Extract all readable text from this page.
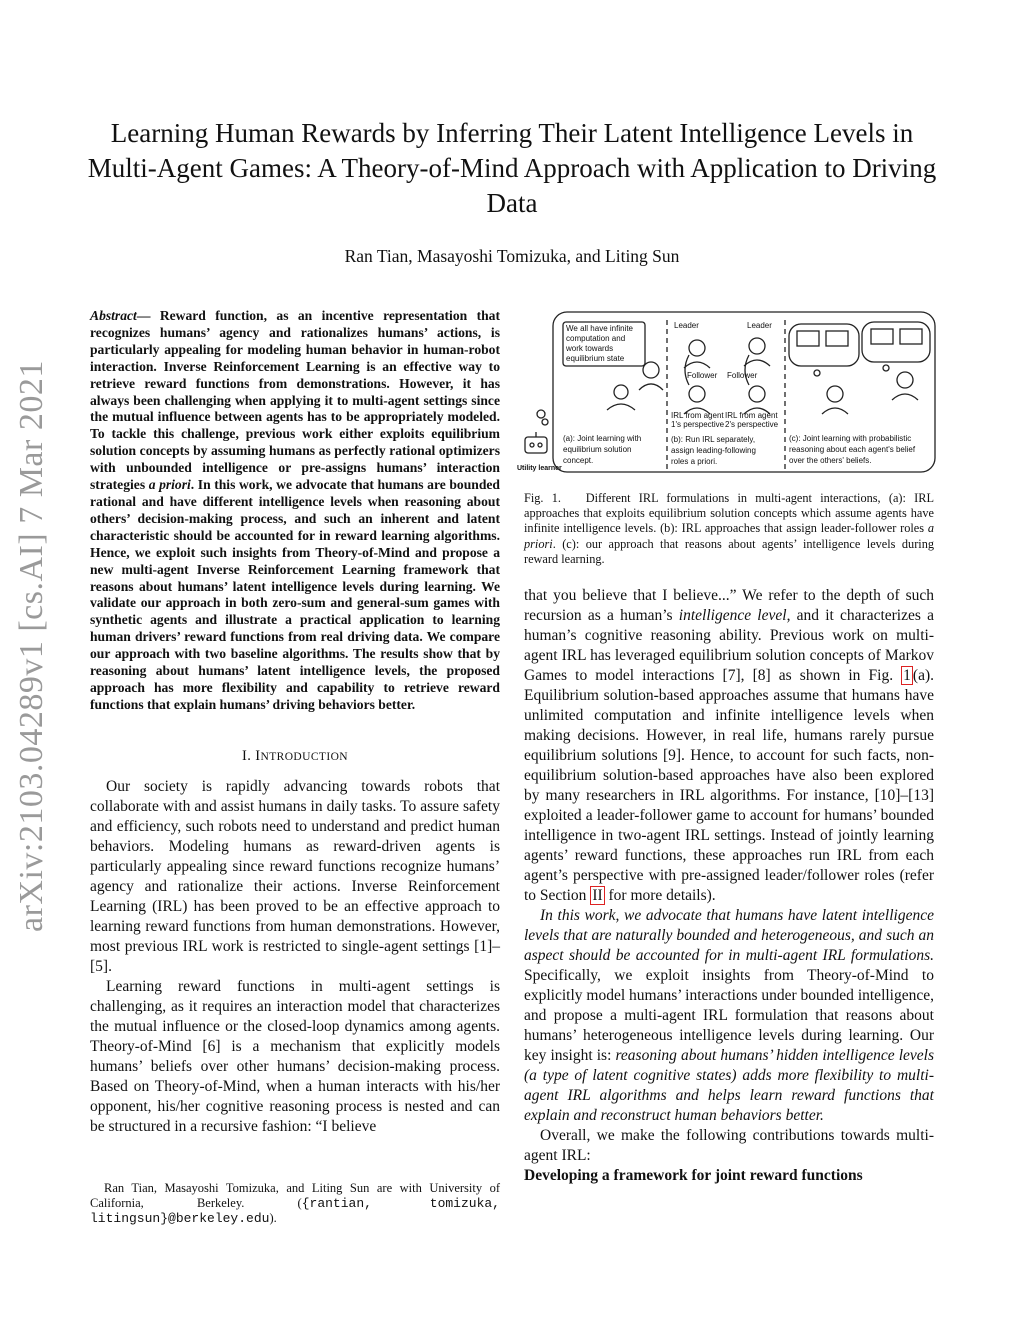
arXiv:2103.04289v1 [cs.AI] 7 Mar 2021
Learning Human Rewards by Inferring Their Latent Intelligence Levels in Multi-Agent Games: A Theory-of-Mind Approach with Application to Driving Data
Ran Tian, Masayoshi Tomizuka, and Liting Sun
Abstract— Reward function, as an incentive representation that recognizes humans’ agency and rationalizes humans’ actions, is particularly appealing for modeling human behavior in human-robot interaction. Inverse Reinforcement Learning is an effective way to retrieve reward functions from demonstrations. However, it has always been challenging when applying it to multi-agent settings since the mutual influence between agents has to be appropriately modeled. To tackle this challenge, previous work either exploits equilibrium solution concepts by assuming humans as perfectly rational optimizers with unbounded intelligence or pre-assigns humans’ interaction strategies a priori. In this work, we advocate that humans are bounded rational and have different intelligence levels when reasoning about others’ decision-making process, and such an inherent and latent characteristic should be accounted for in reward learning algorithms. Hence, we exploit such insights from Theory-of-Mind and propose a new multi-agent Inverse Reinforcement Learning framework that reasons about humans’ latent intelligence levels during learning. We validate our approach in both zero-sum and general-sum games with synthetic agents and illustrate a practical application to learning human drivers’ reward functions from real driving data. We compare our approach with two baseline algorithms. The results show that by reasoning about humans’ latent intelligence levels, the proposed approach has more flexibility and capability to retrieve reward functions that explain humans’ driving behaviors better.
I. INTRODUCTION

Our society is rapidly advancing towards robots that collaborate with and assist humans in daily tasks. To assure safety and efficiency, such robots need to understand and predict human behaviors. Modeling humans as reward-driven agents is particularly appealing since reward functions recognize humans’ agency and rationalize their actions. Inverse Reinforcement Learning (IRL) has been proved to be an effective approach to learning reward functions from human demonstrations. However, most previous IRL work is restricted to single-agent settings [1]–[5].

Learning reward functions in multi-agent settings is challenging, as it requires an interaction model that characterizes the mutual influence or the closed-loop dynamics among agents. Theory-of-Mind [6] is a mechanism that explicitly models humans’ beliefs over other humans’ decision-making process. Based on Theory-of-Mind, when a human interacts with his/her opponent, his/her cognitive reasoning process is nested and can be structured in a recursive fashion: “I believe

Ran Tian, Masayoshi Tomizuka, and Liting Sun are with University of California, Berkeley. ({rantian, tomizuka, litingsun}@berkeley.edu).

We all have infinite
computation and
work towards
equilibrium state
Leader	Leader
Follower Follower
IRL from agent
1's perspective
IRL from agent
2's perspective
(a): Joint learning with
equilibrium solution
concept.
(b): Run IRL separately,
assign leading-following
roles a priori.
(c): Joint learning with probabilistic
reasoning about each agent's belief
over the others' beliefs.
Utility learner
Fig. 1. Different IRL formulations in multi-agent interactions, (a): IRL approaches that exploits equilibrium solution concepts which assume agents have infinite intelligence levels. (b): IRL approaches that assign leader-follower roles a priori. (c): our approach that reasons about agents’ intelligence levels during reward learning.

that you believe that I believe...” We refer to the depth of such recursion as a human’s intelligence level, and it characterizes a human’s cognitive reasoning ability. Previous work on multi-agent IRL has leveraged equilibrium solution concepts of Markov Games to model interactions [7], [8] as shown in Fig. 1 (a). Equilibrium solution-based approaches assume that humans have unlimited computation and infinite intelligence levels when making decisions. However, in real life, humans rarely pursue equilibrium solutions [9]. Hence, to account for such facts, non-equilibrium solution-based approaches have also been explored by many researchers in IRL algorithms. For instance, [10]–[13] exploited a leader-follower game to account for humans’ bounded intelligence in two-agent IRL settings. Instead of jointly learning agents’ reward functions, these approaches run IRL from each agent’s perspective with pre-assigned leader/follower roles (refer to Section II for more details).

In this work, we advocate that humans have latent intelligence levels that are naturally bounded and heterogeneous, and such an aspect should be accounted for in multi-agent IRL formulations. Specifically, we exploit insights from Theory-of-Mind to explicitly model humans’ interactions under bounded intelligence, and propose a multi-agent IRL formulation that reasons about humans’ heterogeneous intelligence levels during learning. Our key insight is: reasoning about humans’ hidden intelligence levels (a type of latent cognitive states) adds more flexibility to multi-agent IRL algorithms and helps learn reward functions that explain and reconstruct human behaviors better.

Overall, we make the following contributions towards multi-agent IRL:

Developing a framework for joint reward functions
